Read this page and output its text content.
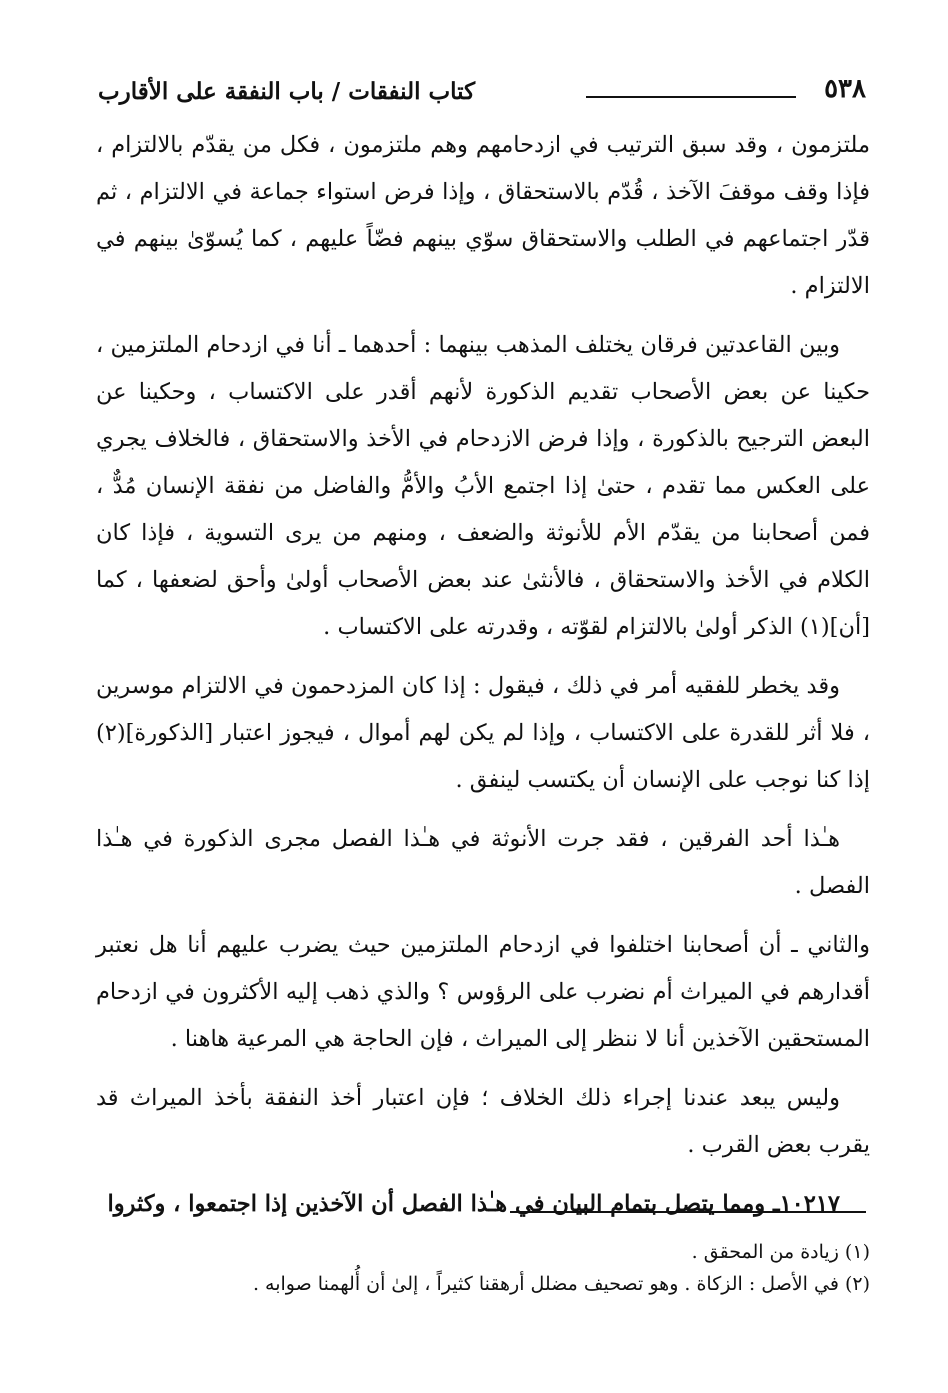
٥٣٨
كتاب النفقات / باب النفقة على الأقارب

ملتزمون ، وقد سبق الترتيب في ازدحامهم وهم ملتزمون ، فكل من يقدّم بالالتزام ، فإذا وقف موقفَ الآخذ ، قُدّم بالاستحقاق ، وإذا فرض استواء جماعة في الالتزام ، ثم قدّر اجتماعهم في الطلب والاستحقاق سوّي بينهم فضّاً عليهم ، كما يُسوّىٰ بينهم في الالتزام .

وبين القاعدتين فرقان يختلف المذهب بينهما : أحدهما ـ أنا في ازدحام الملتزمين ، حكينا عن بعض الأصحاب تقديم الذكورة لأنهم أقدر على الاكتساب ، وحكينا عن البعض الترجيح بالذكورة ، وإذا فرض الازدحام في الأخذ والاستحقاق ، فالخلاف يجري على العكس مما تقدم ، حتىٰ إذا اجتمع الأبُ والأمُّ والفاضل من نفقة الإنسان مُدٌّ ، فمن أصحابنا من يقدّم الأم للأنوثة والضعف ، ومنهم من يرى التسوية ، فإذا كان الكلام في الأخذ والاستحقاق ، فالأنثىٰ عند بعض الأصحاب أولىٰ وأحق لضعفها ، كما [أن](١) الذكر أولىٰ بالالتزام لقوّته ، وقدرته على الاكتساب .

وقد يخطر للفقيه أمر في ذلك ، فيقول : إذا كان المزدحمون في الالتزام موسرين ، فلا أثر للقدرة على الاكتساب ، وإذا لم يكن لهم أموال ، فيجوز اعتبار [الذكورة](٢) إذا كنا نوجب على الإنسان أن يكتسب لينفق .

هـٰذا أحد الفرقين ، فقد جرت الأنوثة في هـٰذا الفصل مجرى الذكورة في هـٰذا الفصل .

والثاني ـ أن أصحابنا اختلفوا في ازدحام الملتزمين حيث يضرب عليهم أنا هل نعتبر أقدارهم في الميراث أم نضرب على الرؤوس ؟ والذي ذهب إليه الأكثرون في ازدحام المستحقين الآخذين أنا لا ننظر إلى الميراث ، فإن الحاجة هي المرعية هاهنا .

وليس يبعد عندنا إجراء ذلك الخلاف ؛ فإن اعتبار أخذ النفقة بأخذ الميراث قد يقرب بعض القرب .

١٠٢١٧ـ ومما يتصل بتمام البيان في هـٰذا الفصل أن الآخذين إذا اجتمعوا ، وكثروا

(١) زيادة من المحقق .
(٢) في الأصل : الزكاة . وهو تصحيف مضلل أرهقنا كثيراً ، إلىٰ أن أُلهمنا صوابه .
